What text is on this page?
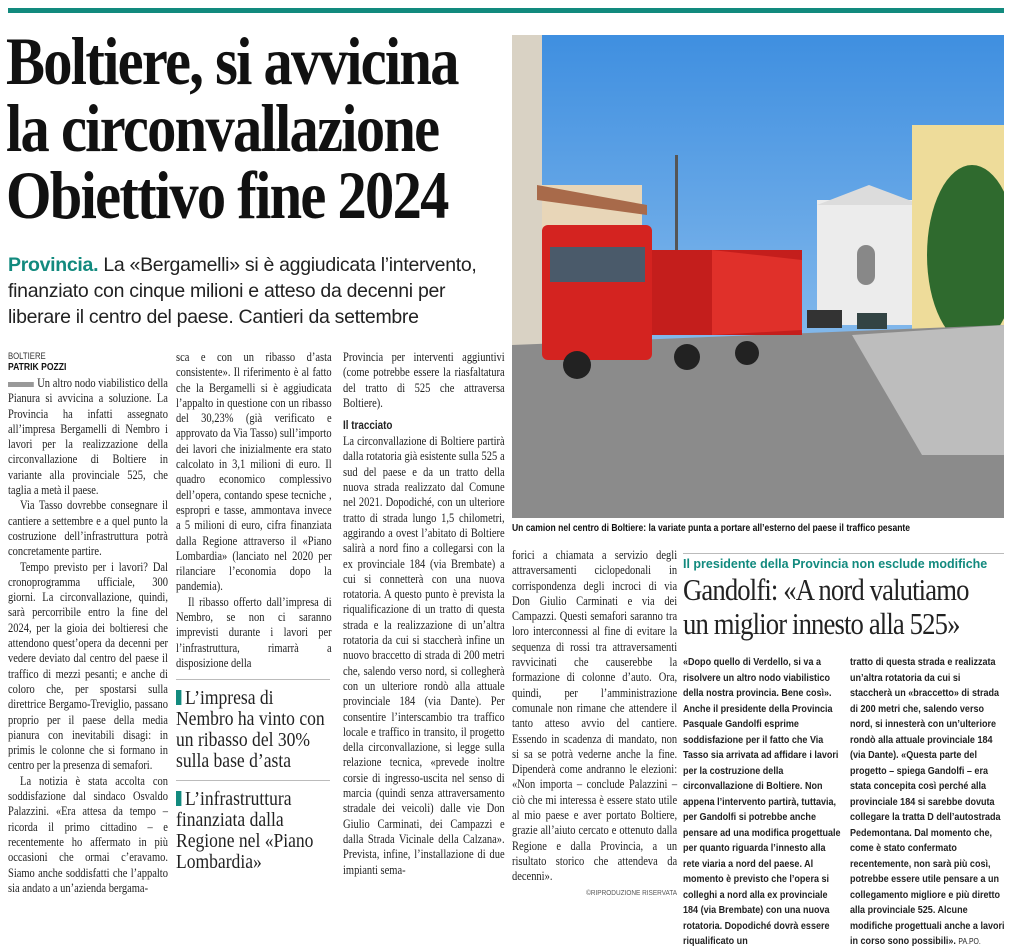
Boltiere, si avvicina
la circonvallazione
Obiettivo fine 2024
Provincia. La «Bergamelli» si è aggiudicata l’intervento, finanziato con cinque milioni e atteso da decenni per liberare il centro del paese. Cantieri da settembre
BOLTIERE
PATRIK POZZI

Un altro nodo viabilistico della Pianura si avvicina a soluzione. La Provincia ha infatti assegnato all’impresa Bergamelli di Nembro i lavori per la realizzazione della circonvallazione di Boltiere in variante alla provinciale 525, che taglia a metà il paese.

Via Tasso dovrebbe consegnare il cantiere a settembre e a quel punto la costruzione dell’infrastruttura potrà concretamente partire.

Tempo previsto per i lavori? Dal cronoprogramma ufficiale, 300 giorni. La circonvallazione, quindi, sarà percorribile entro la fine del 2024, per la gioia dei boltieresi che attendono quest’opera da decenni per vedere deviato dal centro del paese il traffico di mezzi pesanti; e anche di coloro che, per spostarsi sulla direttrice Bergamo-Treviglio, passano proprio per il paese della media pianura con inevitabili disagi: in primis le colonne che si formano in centro per la presenza di semafori.

La notizia è stata accolta con soddisfazione dal sindaco Osvaldo Palazzini. «Era attesa da tempo – ricorda il primo cittadino – e recentemente ho affermato in più occasioni che ormai c’eravamo. Siamo anche soddisfatti che l’appalto sia andato a un’azienda bergama-

sca e con un ribasso d’asta consistente». Il riferimento è al fatto che la Bergamelli si è aggiudicata l’appalto in questione con un ribasso del 30,23% (già verificato e approvato da Via Tasso) sull’importo dei lavori che inizialmente era stato calcolato in 3,1 milioni di euro. Il quadro economico complessivo dell’opera, contando spese tecniche , espropri e tasse, ammontava invece a 5 milioni di euro, cifra finanziata dalla Regione attraverso il «Piano Lombardia» (lanciato nel 2020 per rilanciare l’economia dopo la pandemia).

Il ribasso offerto dall’impresa di Nembro, se non ci saranno imprevisti durante i lavori per l’infrastruttura, rimarrà a disposizione della

L’impresa di Nembro ha vinto con un ribasso del 30% sulla base d’asta
L’infrastruttura finanziata dalla Regione nel «Piano Lombardia»

Provincia per interventi aggiuntivi (come potrebbe essere la riasfaltatura del tratto di 525 che attraversa Boltiere).

Il tracciato

La circonvallazione di Boltiere partirà dalla rotatoria già esistente sulla 525 a sud del paese e da un tratto della nuova strada realizzato dal Comune nel 2021. Dopodiché, con un ulteriore tratto di strada lungo 1,5 chilometri, aggirando a ovest l’abitato di Boltiere salirà a nord fino a collegarsi con la ex provinciale 184 (via Brembate) a cui si connetterà con una nuova rotatoria. A questo punto è prevista la riqualificazione di un tratto di questa strada e la realizzazione di un’altra rotatoria da cui si staccherà infine un nuovo braccetto di strada di 200 metri che, salendo verso nord, si collegherà con un ulteriore rondò alla attuale provinciale 184 (via Dante). Per consentire l’interscambio tra traffico locale e traffico in transito, il progetto della circonvallazione, si legge sulla relazione tecnica, «prevede inoltre corsie di ingresso-uscita nel senso di marcia (quindi senza attraversamento stradale dei veicoli) dalle vie Don Giulio Carminati, dei Campazzi e dalla Strada Vicinale della Calzana». Prevista, infine, l’installazione di due impianti sema-

Un camion nel centro di Boltiere: la variate punta a portare all’esterno del paese il traffico pesante

forici a chiamata a servizio degli attraversamenti ciclopedonali in corrispondenza degli incroci di via Don Giulio Carminati e via dei Campazzi. Questi semafori saranno tra loro interconnessi al fine di evitare la sequenza di rossi tra attraversamenti ravvicinati che causerebbe la formazione di colonne d’auto. Ora, quindi, per l’amministrazione comunale non rimane che attendere il tanto atteso avvio del cantiere. Essendo in scadenza di mandato, non si sa se potrà vederne anche la fine. Dipenderà come andranno le elezioni: «Non importa – conclude Palazzini – ciò che mi interessa è essere stato utile al mio paese e aver portato Boltiere, grazie all’aiuto cercato e ottenuto dalla Regione e dalla Provincia, a un risultato storico che attendeva da decenni».

©RIPRODUZIONE RISERVATA
Il presidente della Provincia non esclude modifiche
Gandolfi: «A nord valutiamo
un miglior innesto alla 525»
«Dopo quello di Verdello, si va a risolvere un altro nodo viabilistico della nostra provincia. Bene così». Anche il presidente della Provincia Pasquale Gandolfi esprime soddisfazione per il fatto che Via Tasso sia arrivata ad affidare i lavori per la costruzione della circonvallazione di Boltiere. Non appena l’intervento partirà, tuttavia, per Gandolfi si potrebbe anche pensare ad una modifica progettuale per quanto riguarda l’innesto alla rete viaria a nord del paese. Al momento è previsto che l’opera si colleghi a nord alla ex provinciale 184 (via Brembate) con una nuova rotatoria. Dopodiché dovrà essere riqualificato un
tratto di questa strada e realizzata un’altra rotatoria da cui si staccherà un «braccetto» di strada di 200 metri che, salendo verso nord, si innesterà con un’ulteriore rondò alla attuale provinciale 184 (via Dante). «Questa parte del progetto – spiega Gandolfi – era stata concepita così perché alla provinciale 184 si sarebbe dovuta collegare la tratta D dell’autostrada Pedemontana. Dal momento che, come è stato confermato recentemente, non sarà più così, potrebbe essere utile pensare a un collegamento migliore e più diretto alla provinciale 525. Alcune modifiche progettuali anche a lavori in corso sono possibili». PA.PO.
